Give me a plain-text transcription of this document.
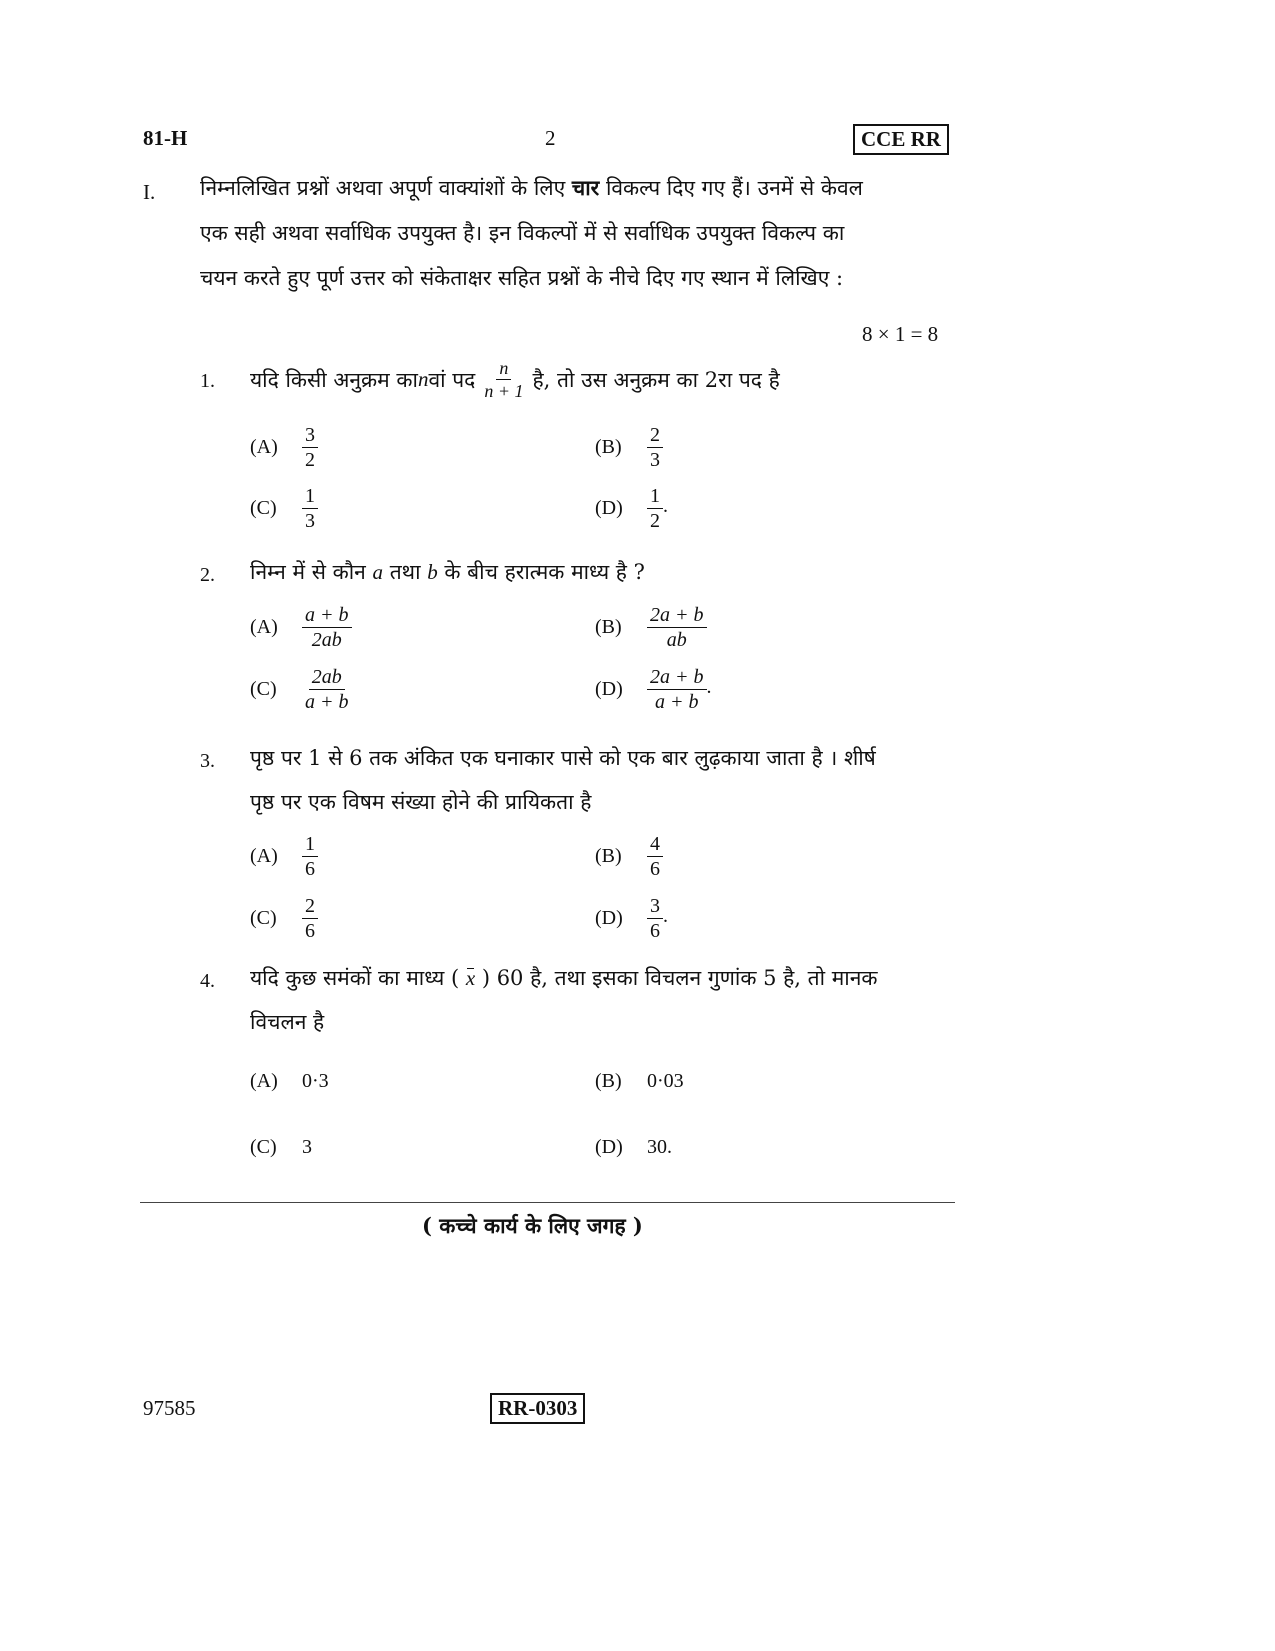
81-H	2	CCE RR
I. निम्नलिखित प्रश्नों अथवा अपूर्ण वाक्यांशों के लिए चार विकल्प दिए गए हैं। उनमें से केवल
एक सही अथवा सर्वाधिक उपयुक्त है। इन विकल्पों में से सर्वाधिक उपयुक्त विकल्प का
चयन करते हुए पूर्ण उत्तर को संकेताक्षर सहित प्रश्नों के नीचे दिए गए स्थान में लिखिए :
8 × 1 = 8
1. यदि किसी अनुक्रम का n वां पद $\frac{n}{n + 1}$ है, तो उस अनुक्रम का 2रा पद है
(A)	$\frac{3}{2}$	(B)	$\frac{2}{3}$
(C)	$\frac{1}{3}$	(D)	$\frac{1}{2}$ .
2. निम्न में से कौन a तथा b के बीच हरात्मक माध्य है ?
(A)	$\frac{a + b}{2ab}$	(B)	$\frac{2a + b}{ab}$
(C)	$\frac{2ab}{a + b}$	(D)	$\frac{2a + b}{a + b}$ .
3. पृष्ठ पर 1 से 6 तक अंकित एक घनाकार पासे को एक बार लुढ़काया जाता है । शीर्ष
पृष्ठ पर एक विषम संख्या होने की प्रायिकता है
(A)	$\frac{1}{6}$	(B)	$\frac{4}{6}$
(C)	$\frac{2}{6}$	(D)	$\frac{3}{6}$ .
4. यदि कुछ समंकों का माध्य ( x ) 60 है, तथा इसका विचलन गुणांक 5 है, तो मानक
विचलन है
(A)	0·3	(B)	0·03
(C)	3	(D)	30.
( कच्चे कार्य के लिए जगह )
97585	RR-0303
